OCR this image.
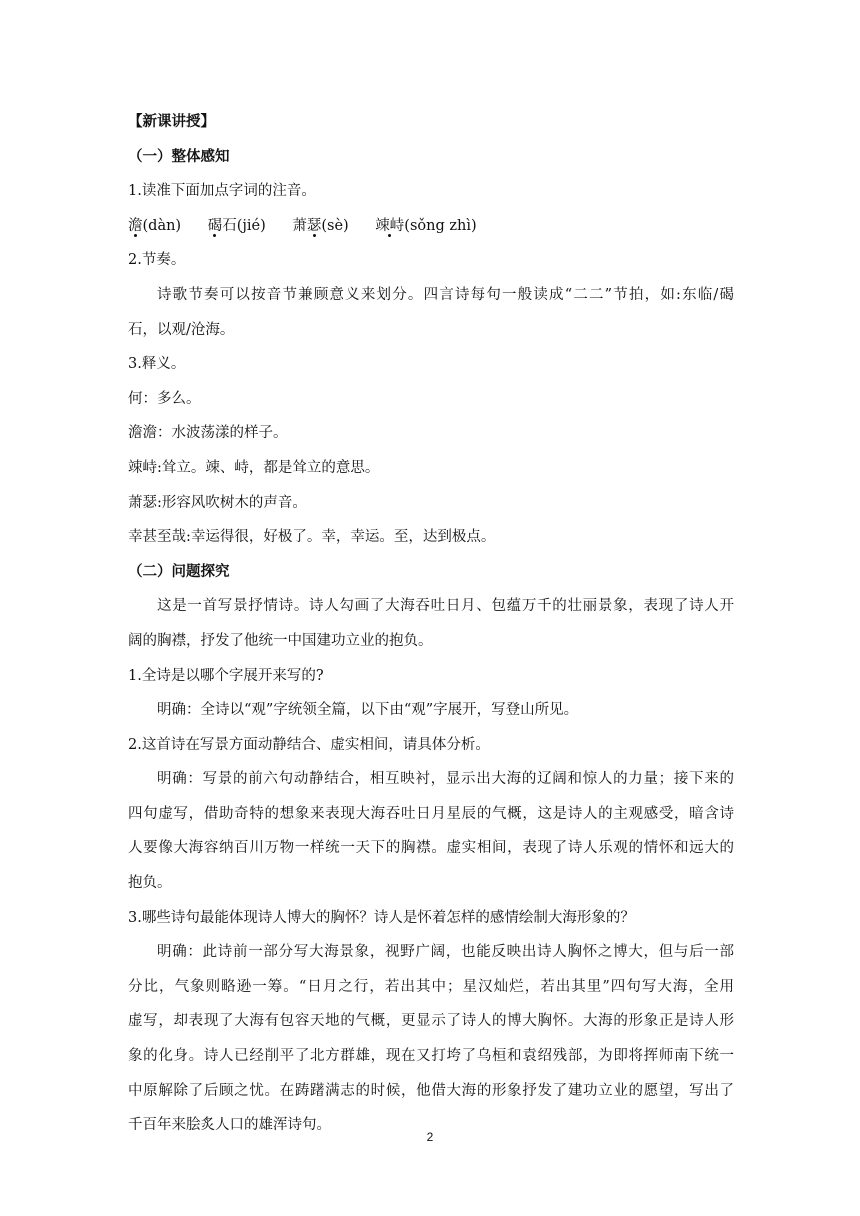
【新课讲授】
（一）整体感知
1.读准下面加点字词的注音。
澹(dàn) 碣石(jié) 萧瑟(sè) 竦峙(sǒng zhì)
2.节奏。
诗歌节奏可以按音节兼顾意义来划分。四言诗每句一般读成“二二”节拍，如:东临/碣
石，以观/沧海。
3.释义。
何：多么。
澹澹：水波荡漾的样子。
竦峙:耸立。竦、峙，都是耸立的意思。
萧瑟:形容风吹树木的声音。
幸甚至哉:幸运得很，好极了。幸，幸运。至，达到极点。
（二）问题探究
这是一首写景抒情诗。诗人勾画了大海吞吐日月、包蕴万千的壮丽景象，表现了诗人开
阔的胸襟，抒发了他统一中国建功立业的抱负。
1.全诗是以哪个字展开来写的?
明确：全诗以“观”字统领全篇，以下由“观”字展开，写登山所见。
2.这首诗在写景方面动静结合、虚实相间，请具体分析。
明确：写景的前六句动静结合，相互映衬，显示出大海的辽阔和惊人的力量；接下来的
四句虚写，借助奇特的想象来表现大海吞吐日月星辰的气概，这是诗人的主观感受，暗含诗
人要像大海容纳百川万物一样统一天下的胸襟。虚实相间，表现了诗人乐观的情怀和远大的
抱负。
3.哪些诗句最能体现诗人博大的胸怀？诗人是怀着怎样的感情绘制大海形象的？
明确：此诗前一部分写大海景象，视野广阔，也能反映出诗人胸怀之博大，但与后一部
分比，气象则略逊一筹。“日月之行，若出其中；星汉灿烂，若出其里”四句写大海，全用
虚写，却表现了大海有包容天地的气概，更显示了诗人的博大胸怀。大海的形象正是诗人形
象的化身。诗人已经削平了北方群雄，现在又打垮了乌桓和袁绍残部，为即将挥师南下统一
中原解除了后顾之忧。在踌躇满志的时候，他借大海的形象抒发了建功立业的愿望，写出了
千百年来脍炙人口的雄浑诗句。
2
